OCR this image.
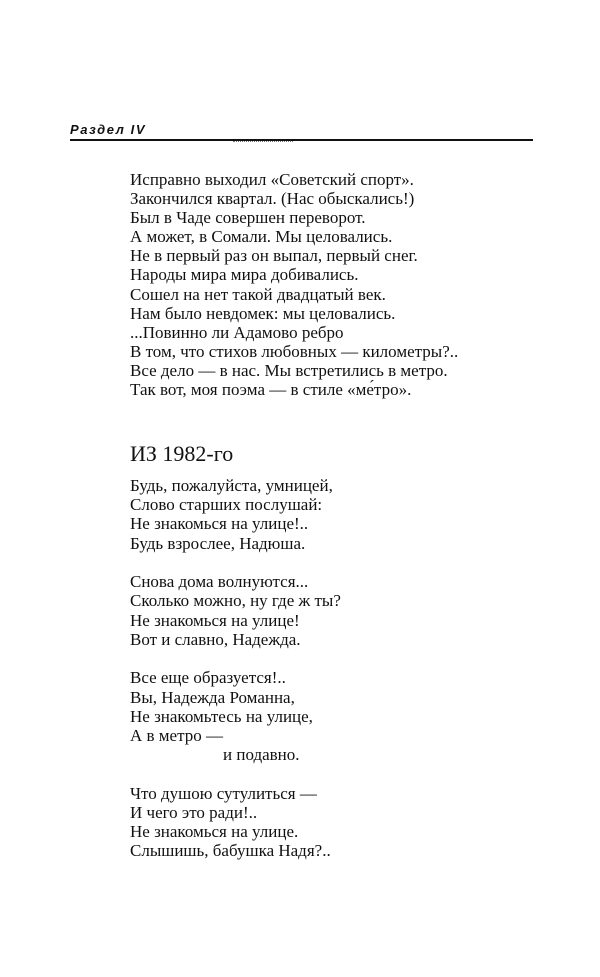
Раздел IV
Исправно выходил «Советский спорт».
Закончился квартал. (Нас обыскались!)
Был в Чаде совершен переворот.
А может, в Сомали. Мы целовались.
Не в первый раз он выпал, первый снег.
Народы мира мира добивались.
Сошел на нет такой двадцатый век.
Нам было невдомек: мы целовались.
...Повинно ли Адамово ребро
В том, что стихов любовных — километры?..
Все дело — в нас. Мы встретились в метро.
Так вот, моя поэма — в стиле «ме́тро».
ИЗ 1982-го
Будь, пожалуйста, умницей,
Слово старших послушай:
Не знакомься на улице!..
Будь взрослее, Надюша.
Снова дома волнуются...
Сколько можно, ну где ж ты?
Не знакомься на улице!
Вот и славно, Надежда.
Все еще образуется!..
Вы, Надежда Романна,
Не знакомьтесь на улице,
А в метро —
и подавно.
Что душою сутулиться —
И чего это ради!..
Не знакомься на улице.
Слышишь, бабушка Надя?..
